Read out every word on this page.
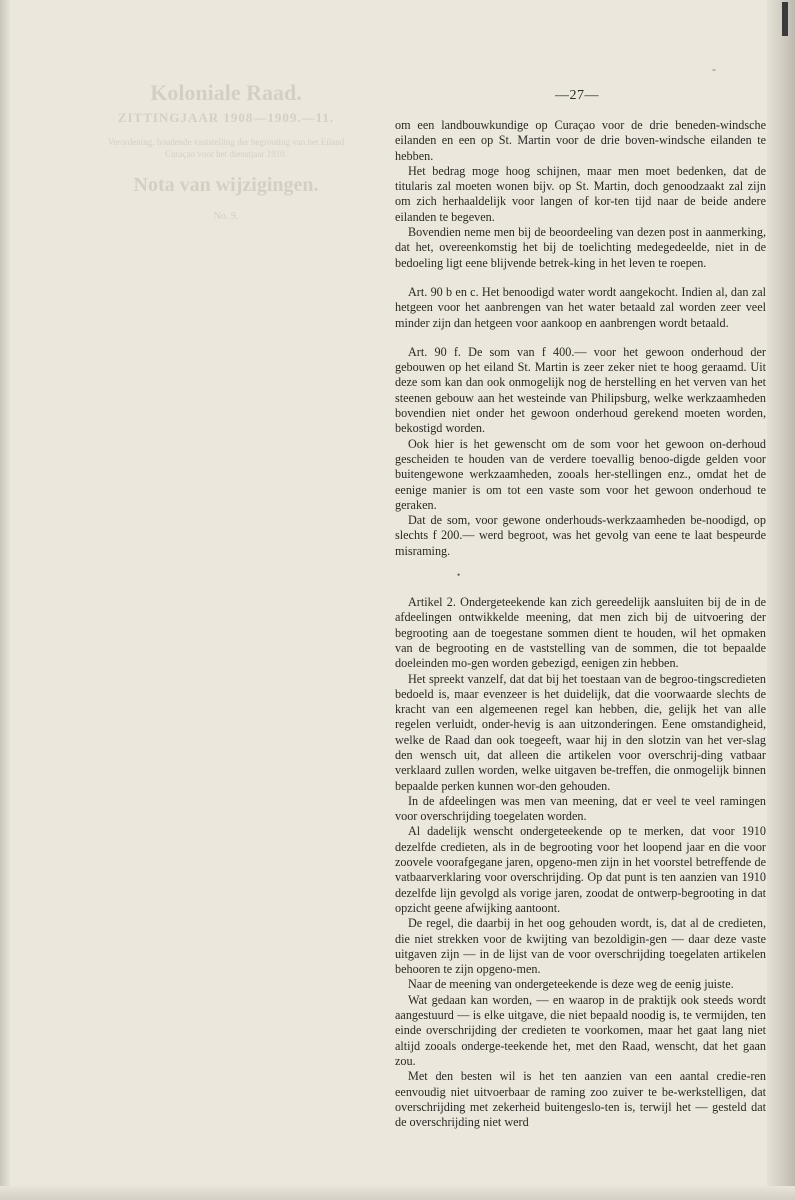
-
Koloniale Raad.
ZITTINGJAAR 1908—1909.—11.
Verordening, houdende vaststelling der begrooting van het Eiland Curaçao voor het dienstjaar 1910.
Nota van wijzigingen.
No. 9.
—27—

om een landbouwkundige op Curaçao voor de drie beneden-windsche eilanden en een op St. Martin voor de drie boven-windsche eilanden te hebben.

Het bedrag moge hoog schijnen, maar men moet bedenken, dat de titularis zal moeten wonen bijv. op St. Martin, doch genoodzaakt zal zijn om zich herhaaldelijk voor langen of kor-ten tijd naar de beide andere eilanden te begeven.

Bovendien neme men bij de beoordeeling van dezen post in aanmerking, dat het, overeenkomstig het bij de toelichting medegedeelde, niet in de bedoeling ligt eene blijvende betrek-king in het leven te roepen.

Art. 90 b en c. Het benoodigd water wordt aangekocht. Indien al, dan zal hetgeen voor het aanbrengen van het water betaald zal worden zeer veel minder zijn dan hetgeen voor aankoop en aanbrengen wordt betaald.

Art. 90 f. De som van f 400.— voor het gewoon onderhoud der gebouwen op het eiland St. Martin is zeer zeker niet te hoog geraamd. Uit deze som kan dan ook onmogelijk nog de herstelling en het verven van het steenen gebouw aan het westeinde van Philipsburg, welke werkzaamheden bovendien niet onder het gewoon onderhoud gerekend moeten worden, bekostigd worden.

Ook hier is het gewenscht om de som voor het gewoon on-derhoud gescheiden te houden van de verdere toevallig benoo-digde gelden voor buitengewone werkzaamheden, zooals her-stellingen enz., omdat het de eenige manier is om tot een vaste som voor het gewoon onderhoud te geraken.

Dat de som, voor gewone onderhouds-werkzaamheden be-noodigd, op slechts f 200.— werd begroot, was het gevolg van eene te laat bespeurde misraming.

Artikel 2. Ondergeteekende kan zich gereedelijk aansluiten bij de in de afdeelingen ontwikkelde meening, dat men zich bij de uitvoering der begrooting aan de toegestane sommen dient te houden, wil het opmaken van de begrooting en de vaststelling van de sommen, die tot bepaalde doeleinden mo-gen worden gebezigd, eenigen zin hebben.

Het spreekt vanzelf, dat dat bij het toestaan van de begroo-tingscredieten bedoeld is, maar evenzeer is het duidelijk, dat die voorwaarde slechts de kracht van een algemeenen regel kan hebben, die, gelijk het van alle regelen verluidt, onder-hevig is aan uitzonderingen. Eene omstandigheid, welke de Raad dan ook toegeeft, waar hij in den slotzin van het ver-slag den wensch uit, dat alleen die artikelen voor overschrij-ding vatbaar verklaard zullen worden, welke uitgaven be-treffen, die onmogelijk binnen bepaalde perken kunnen wor-den gehouden.

In de afdeelingen was men van meening, dat er veel te veel ramingen voor overschrijding toegelaten worden.

Al dadelijk wenscht ondergeteekende op te merken, dat voor 1910 dezelfde credieten, als in de begrooting voor het loopend jaar en die voor zoovele voorafgegane jaren, opgeno-men zijn in het voorstel betreffende de vatbaarverklaring voor overschrijding. Op dat punt is ten aanzien van 1910 dezelfde lijn gevolgd als vorige jaren, zoodat de ontwerp-begrooting in dat opzicht geene afwijking aantoont.

De regel, die daarbij in het oog gehouden wordt, is, dat al de credieten, die niet strekken voor de kwijting van bezoldigin-gen — daar deze vaste uitgaven zijn — in de lijst van de voor overschrijding toegelaten artikelen behooren te zijn opgeno-men.

Naar de meening van ondergeteekende is deze weg de eenig juiste.

Wat gedaan kan worden, — en waarop in de praktijk ook steeds wordt aangestuurd — is elke uitgave, die niet bepaald noodig is, te vermijden, ten einde overschrijding der credieten te voorkomen, maar het gaat lang niet altijd zooals onderge-teekende het, met den Raad, wenscht, dat het gaan zou.

Met den besten wil is het ten aanzien van een aantal credie-ren eenvoudig niet uitvoerbaar de raming zoo zuiver te be-werkstelligen, dat overschrijding met zekerheid buitengeslo-ten is, terwijl het — gesteld dat de overschrijding niet werd

•
